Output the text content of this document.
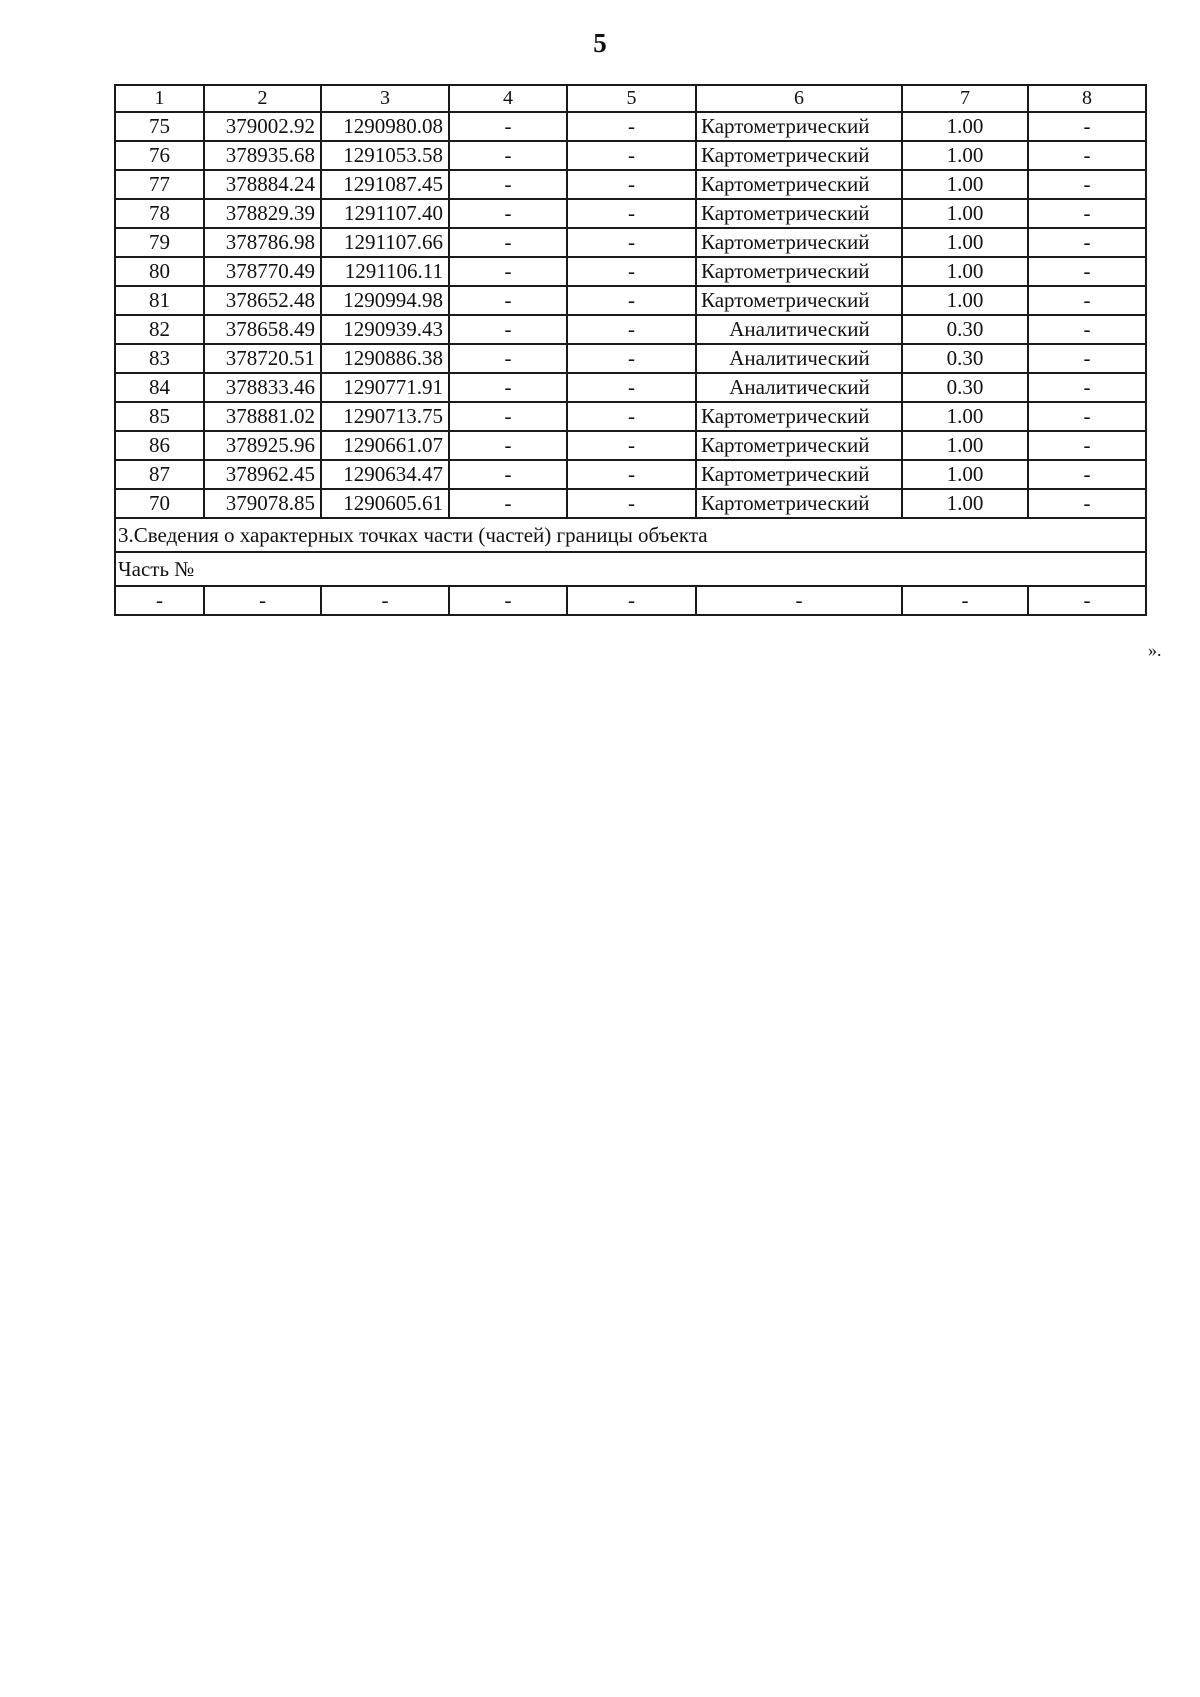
5
1	2	3	4	5	6	7	8
75	379002.92	1290980.08	-	-	Картометрический	1.00	-
76	378935.68	1291053.58	-	-	Картометрический	1.00	-
77	378884.24	1291087.45	-	-	Картометрический	1.00	-
78	378829.39	1291107.40	-	-	Картометрический	1.00	-
79	378786.98	1291107.66	-	-	Картометрический	1.00	-
80	378770.49	1291106.11	-	-	Картометрический	1.00	-
81	378652.48	1290994.98	-	-	Картометрический	1.00	-
82	378658.49	1290939.43	-	-	Аналитический	0.30	-
83	378720.51	1290886.38	-	-	Аналитический	0.30	-
84	378833.46	1290771.91	-	-	Аналитический	0.30	-
85	378881.02	1290713.75	-	-	Картометрический	1.00	-
86	378925.96	1290661.07	-	-	Картометрический	1.00	-
87	378962.45	1290634.47	-	-	Картометрический	1.00	-
70	379078.85	1290605.61	-	-	Картометрический	1.00	-
3.Сведения о характерных точках части (частей) границы объекта							
Часть №							
-	-	-	-	-	-	-	-
».
